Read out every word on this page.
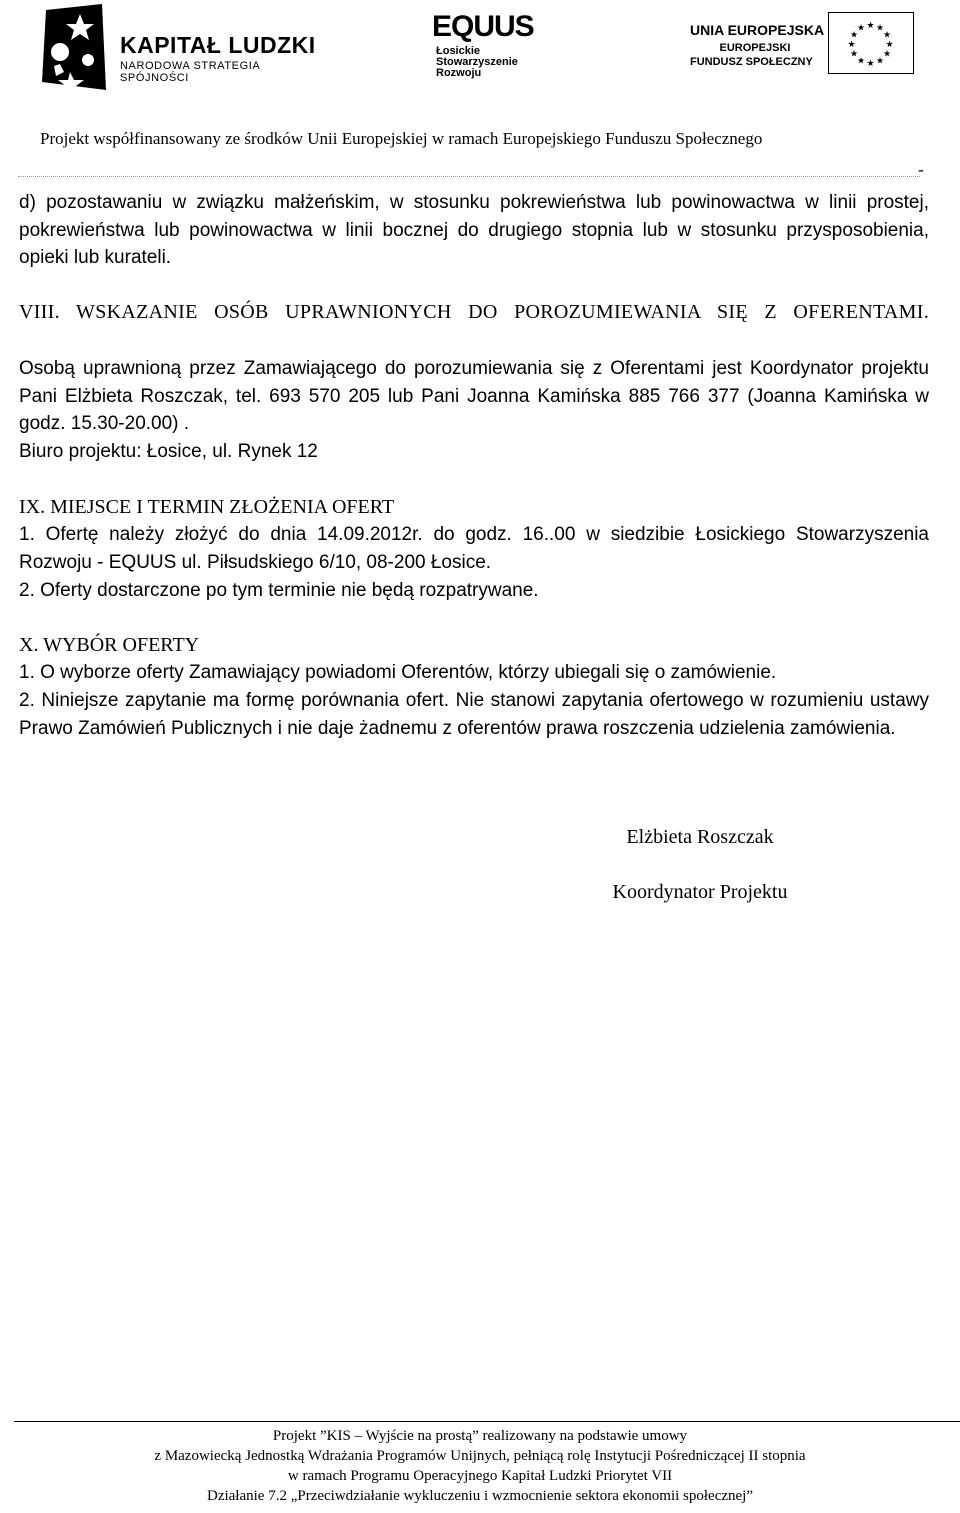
KAPITAŁ LUDZKI
NARODOWA STRATEGIA SPÓJNOŚCI
EQUUS
Łosickie
Stowarzyszenie
Rozwoju
UNIA EUROPEJSKA
EUROPEJSKI
FUNDUSZ SPOŁECZNY
★ ★
★
★
★
★
★
★
★
★
★
★
Projekt współfinansowany ze środków Unii Europejskiej w ramach Europejskiego Funduszu Społecznego
-

d) pozostawaniu w związku małżeńskim, w stosunku pokrewieństwa lub powinowactwa w linii prostej, pokrewieństwa lub powinowactwa w linii bocznej do drugiego stopnia lub w stosunku przysposobienia, opieki lub kurateli.

VIII. WSKAZANIE OSÓB UPRAWNIONYCH DO POROZUMIEWANIA SIĘ Z OFERENTAMI.

Osobą uprawnioną przez Zamawiającego do porozumiewania się z Oferentami jest Koordynator projektu Pani Elżbieta Roszczak, tel. 693 570 205 lub Pani Joanna Kamińska 885 766 377 (Joanna Kamińska w godz. 15.30-20.00) .

Biuro projektu: Łosice, ul. Rynek 12

IX. MIEJSCE I TERMIN ZŁOŻENIA OFERT

1. Ofertę należy złożyć do dnia 14.09.2012r. do godz. 16..00 w siedzibie Łosickiego Stowarzyszenia Rozwoju - EQUUS ul. Piłsudskiego 6/10, 08-200 Łosice.

2. Oferty dostarczone po tym terminie nie będą rozpatrywane.

X. WYBÓR OFERTY

1. O wyborze oferty Zamawiający powiadomi Oferentów, którzy ubiegali się o zamówienie.

2. Niniejsze zapytanie ma formę porównania ofert. Nie stanowi zapytania ofertowego w rozumieniu ustawy Prawo Zamówień Publicznych i nie daje żadnemu z oferentów prawa roszczenia udzielenia zamówienia.

Elżbieta Roszczak
Koordynator Projektu
Projekt ”KIS – Wyjście na prostą” realizowany na podstawie umowy
z Mazowiecką Jednostką Wdrażania Programów Unijnych, pełniącą rolę Instytucji Pośredniczącej II stopnia
w ramach Programu Operacyjnego Kapitał Ludzki Priorytet VII
Działanie 7.2 „Przeciwdziałanie wykluczeniu i wzmocnienie sektora ekonomii społecznej”
